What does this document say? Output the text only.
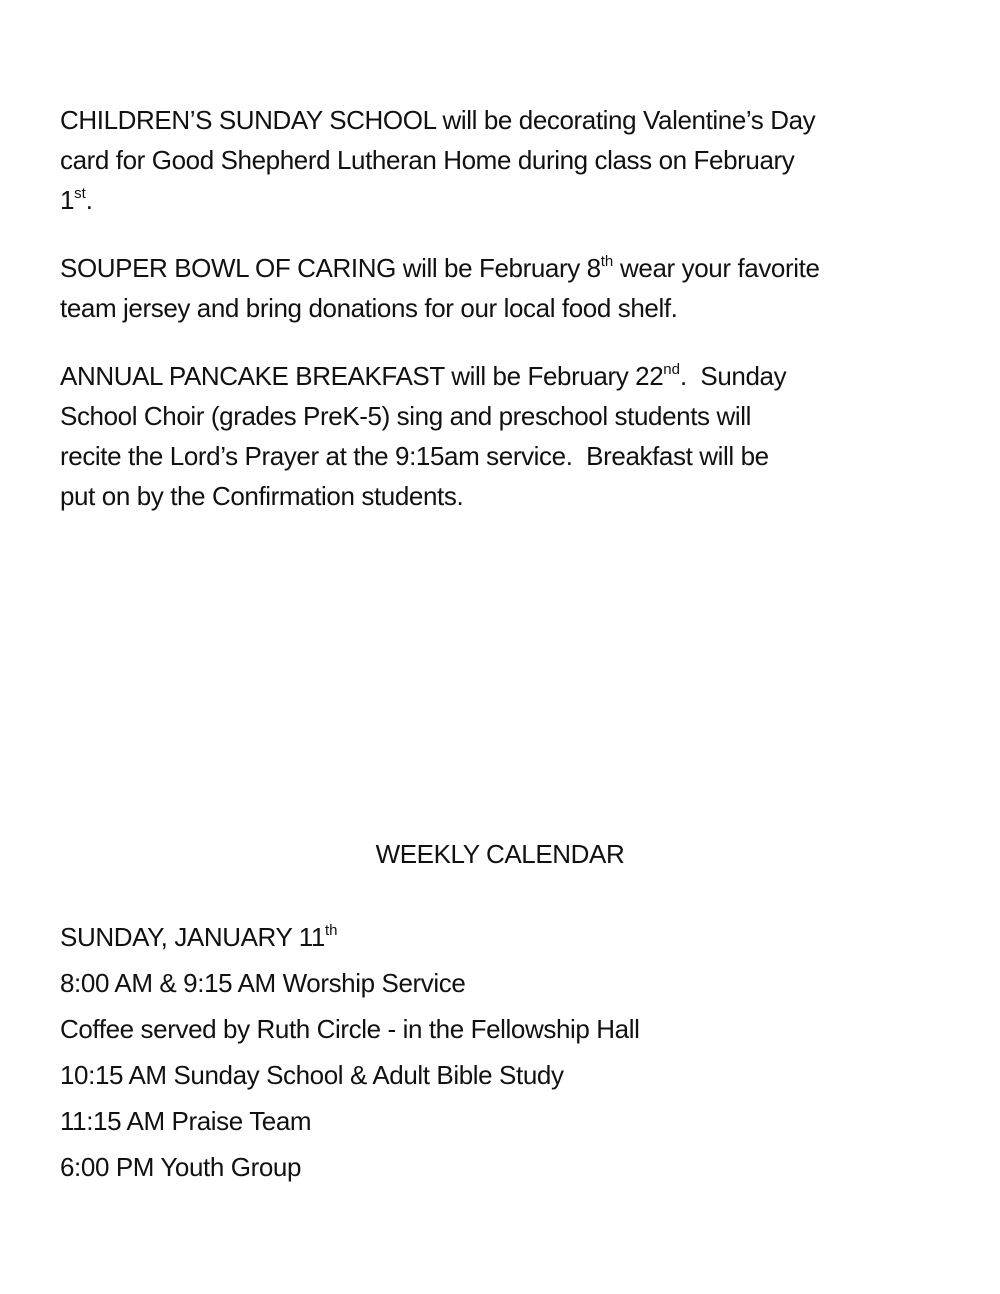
CHILDREN’S SUNDAY SCHOOL will be decorating Valentine’s Day
card for Good Shepherd Lutheran Home during class on February
1st.

SOUPER BOWL OF CARING will be February 8th wear your favorite
team jersey and bring donations for our local food shelf.

ANNUAL PANCAKE BREAKFAST will be February 22nd.  Sunday
School Choir (grades PreK-5) sing and preschool students will
recite the Lord’s Prayer at the 9:15am service.  Breakfast will be
put on by the Confirmation students.

WEEKLY CALENDAR
SUNDAY, JANUARY 11th
8:00 AM & 9:15 AM Worship Service
Coffee served by Ruth Circle - in the Fellowship Hall
10:15 AM Sunday School & Adult Bible Study
11:15 AM Praise Team
6:00 PM Youth Group
